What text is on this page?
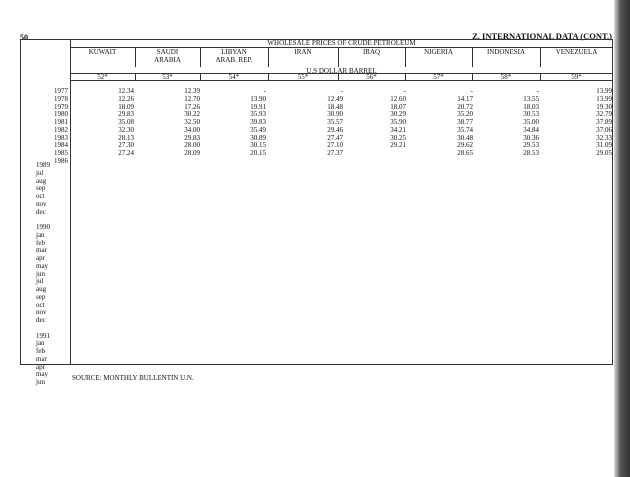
50	Z. INTERNATIONAL DATA (CONT.)
WHOLESALE PRICES OF CRUDE PETROLEUM
U.S DOLLAR BARREL
KUWAIT
52*
12.34
12.26
18.09
29.83
35.08
32.30
28.13
27.30
27.24

SAUDI ARABIA
53*
12.39
12.70
17.26
30.22
32.50
34.00
29.83
28.00
28.09

LIBYAN ARAB. REP.
54*
-
13.90
19.91
35.93
39.83
35.49
30.89
30.15
20.15

IRAN
55*
-
12.49
18.48
30.90
35.57
29.46
27.47
27.10
27.37

IRAQ
56*
-
12.60
18.07
30.29
35.90
34.21
30.25
29.21

NIGERIA
57*
-
14.17
20.72
35.20
38.77
35.74
30.48
29.62
28.65

INDONESIA
58*
-
13.55
18.03
30.53
35.00
34.84
30.36
29.53
28.53

VENEZUELA
59*
13.99
13.99
19.30
32.79
37.89
37.06
32.33
31.09
29.05

1977
1978
1979
1980
1981
1982
1983
1984
1985
1986
1989
jul
aug
sep
oct
nov
dec

1990
jan
feb
mar
apr
may
jun
jul
aug
sep
oct
nov
dec

1991
jan
feb
mar
apr
may
jun	SOURCE: MONTHLY BULLENTIN U.N.
